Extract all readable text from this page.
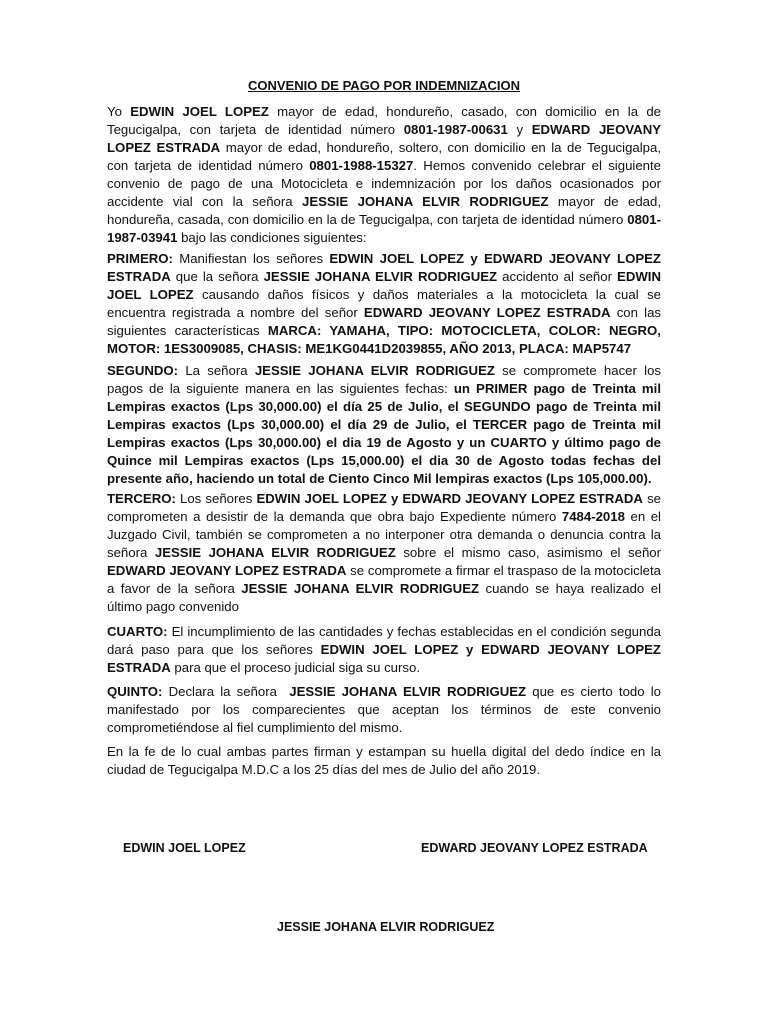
CONVENIO DE PAGO POR INDEMNIZACION

Yo EDWIN JOEL LOPEZ mayor de edad, hondureño, casado, con domicilio en la de Tegucigalpa, con tarjeta de identidad número 0801-1987-00631 y EDWARD JEOVANY LOPEZ ESTRADA mayor de edad, hondureño, soltero, con domicilio en la de Tegucigalpa, con tarjeta de identidad número 0801-1988-15327. Hemos convenido celebrar el siguiente convenio de pago de una Motocicleta e indemnización por los daños ocasionados por accidente vial con la señora JESSIE JOHANA ELVIR RODRIGUEZ mayor de edad, hondureña, casada, con domicilio en la de Tegucigalpa, con tarjeta de identidad número 0801-1987-03941 bajo las condiciones siguientes:

PRIMERO: Manifiestan los señores EDWIN JOEL LOPEZ y EDWARD JEOVANY LOPEZ ESTRADA que la señora JESSIE JOHANA ELVIR RODRIGUEZ accidento al señor EDWIN JOEL LOPEZ causando daños físicos y daños materiales a la motocicleta la cual se encuentra registrada a nombre del señor EDWARD JEOVANY LOPEZ ESTRADA con las siguientes características MARCA: YAMAHA, TIPO: MOTOCICLETA, COLOR: NEGRO, MOTOR: 1ES3009085, CHASIS: ME1KG0441D2039855, AÑO 2013, PLACA: MAP5747

SEGUNDO: La señora JESSIE JOHANA ELVIR RODRIGUEZ se compromete hacer los pagos de la siguiente manera en las siguientes fechas: un PRIMER pago de Treinta mil Lempiras exactos (Lps 30,000.00) el día 25 de Julio, el SEGUNDO pago de Treinta mil Lempiras exactos (Lps 30,000.00) el día 29 de Julio, el TERCER pago de Treinta mil Lempiras exactos (Lps 30,000.00) el dia 19 de Agosto y un CUARTO y último pago de Quince mil Lempiras exactos (Lps 15,000.00) el dia 30 de Agosto todas fechas del presente año, haciendo un total de Ciento Cinco Mil lempiras exactos (Lps 105,000.00).

TERCERO: Los señores EDWIN JOEL LOPEZ y EDWARD JEOVANY LOPEZ ESTRADA se comprometen a desistir de la demanda que obra bajo Expediente número 7484-2018 en el Juzgado Civil, también se comprometen a no interponer otra demanda o denuncia contra la señora JESSIE JOHANA ELVIR RODRIGUEZ sobre el mismo caso, asimismo el señor EDWARD JEOVANY LOPEZ ESTRADA se compromete a firmar el traspaso de la motocicleta a favor de la señora JESSIE JOHANA ELVIR RODRIGUEZ cuando se haya realizado el último pago convenido

CUARTO: El incumplimiento de las cantidades y fechas establecidas en el condición segunda dará paso para que los señores EDWIN JOEL LOPEZ y EDWARD JEOVANY LOPEZ ESTRADA para que el proceso judicial siga su curso.

QUINTO: Declara la señora  JESSIE JOHANA ELVIR RODRIGUEZ que es cierto todo lo manifestado por los comparecientes que aceptan los términos de este convenio comprometiéndose al fiel cumplimiento del mismo.

En la fe de lo cual ambas partes firman y estampan su huella digital del dedo índice en la ciudad de Tegucigalpa M.D.C a los 25 días del mes de Julio del año 2019.

EDWIN JOEL LOPEZ	EDWARD JEOVANY LOPEZ ESTRADA
JESSIE JOHANA ELVIR RODRIGUEZ
